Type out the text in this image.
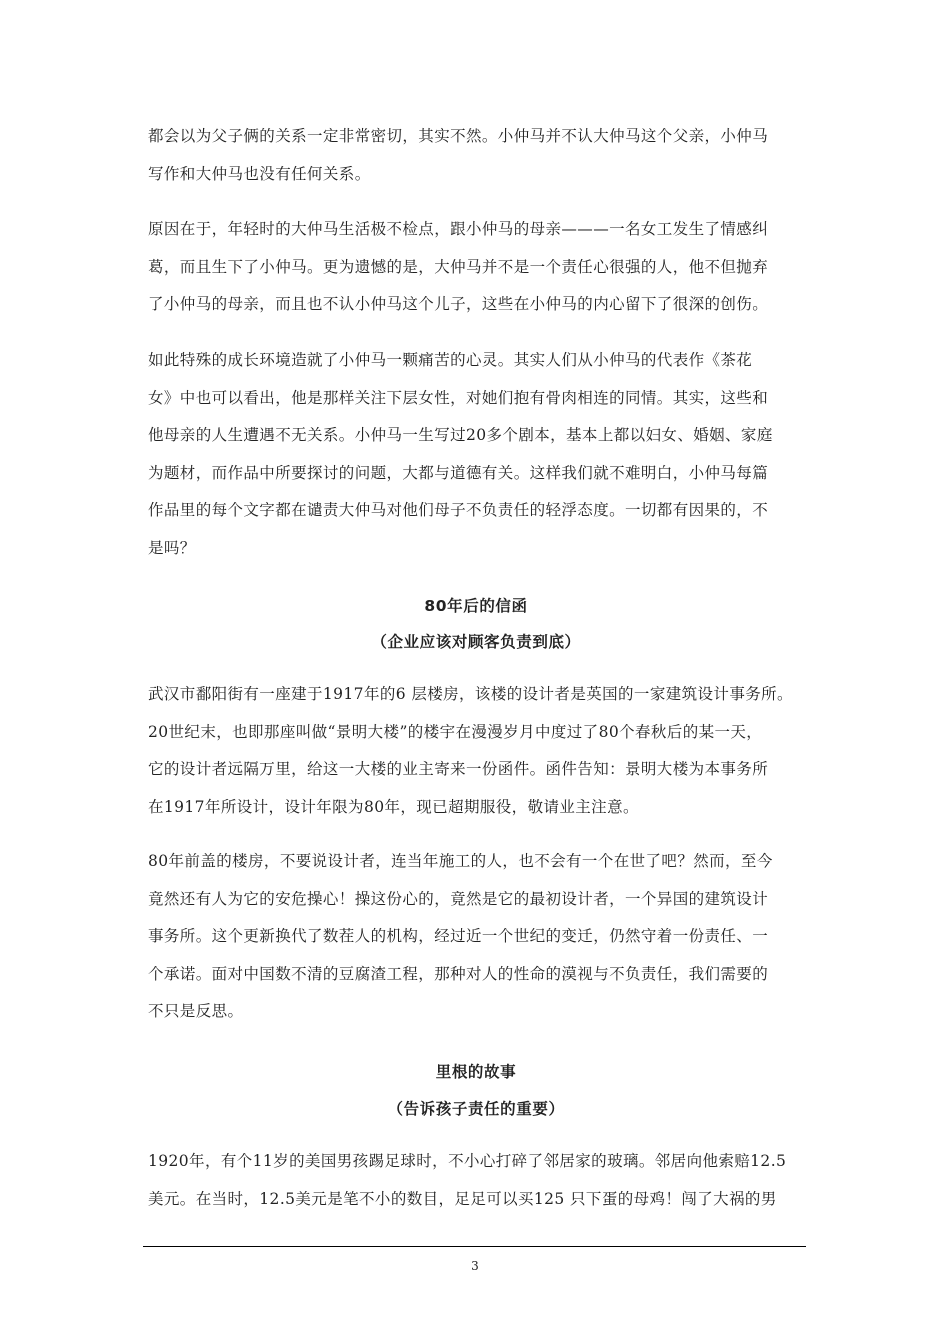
都会以为父子俩的关系一定非常密切，其实不然。小仲马并不认大仲马这个父亲，小仲马
写作和大仲马也没有任何关系。
原因在于，年轻时的大仲马生活极不检点，跟小仲马的母亲———一名女工发生了情感纠
葛，而且生下了小仲马。更为遗憾的是，大仲马并不是一个责任心很强的人，他不但抛弃
了小仲马的母亲，而且也不认小仲马这个儿子，这些在小仲马的内心留下了很深的创伤。
如此特殊的成长环境造就了小仲马一颗痛苦的心灵。其实人们从小仲马的代表作《茶花
女》中也可以看出，他是那样关注下层女性，对她们抱有骨肉相连的同情。其实，这些和
他母亲的人生遭遇不无关系。小仲马一生写过20多个剧本，基本上都以妇女、婚姻、家庭
为题材，而作品中所要探讨的问题，大都与道德有关。这样我们就不难明白，小仲马每篇
作品里的每个文字都在谴责大仲马对他们母子不负责任的轻浮态度。一切都有因果的，不
是吗？
80年后的信函
（企业应该对顾客负责到底）
武汉市鄱阳街有一座建于1917年的6 层楼房，该楼的设计者是英国的一家建筑设计事务所。
20世纪末，也即那座叫做“景明大楼”的楼宇在漫漫岁月中度过了80个春秋后的某一天，
它的设计者远隔万里，给这一大楼的业主寄来一份函件。函件告知：景明大楼为本事务所
在1917年所设计，设计年限为80年，现已超期服役，敬请业主注意。
80年前盖的楼房，不要说设计者，连当年施工的人，也不会有一个在世了吧？然而，至今
竟然还有人为它的安危操心！操这份心的，竟然是它的最初设计者，一个异国的建筑设计
事务所。这个更新换代了数茬人的机构，经过近一个世纪的变迁，仍然守着一份责任、一
个承诺。面对中国数不清的豆腐渣工程，那种对人的性命的漠视与不负责任，我们需要的
不只是反思。
里根的故事
（告诉孩子责任的重要）
1920年，有个11岁的美国男孩踢足球时，不小心打碎了邻居家的玻璃。邻居向他索赔12.5
美元。在当时，12.5美元是笔不小的数目，足足可以买125 只下蛋的母鸡！闯了大祸的男
3
